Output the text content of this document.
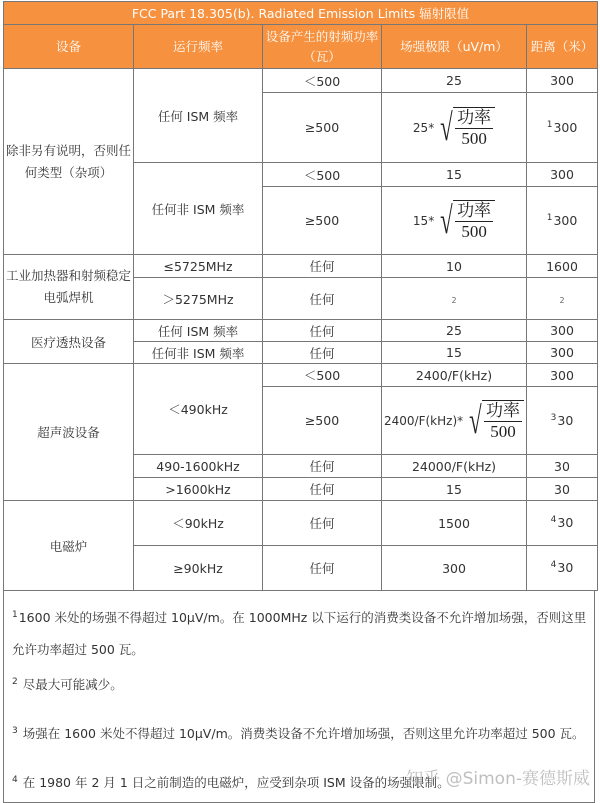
FCC Part 18.305(b). Radiated Emission Limits 辐射限值				
设备	运行频率	设备产生的射频功率（瓦）	场强极限（uV/m）	距离（米）
除非另有说明，否则任何类型（杂项）	任何 ISM 频率	＜500	25	300
		≥500	25* √ $\frac{\text{功率}}{500}$	$^1$300
	任何非 ISM 频率	＜500	15	300
		≥500	15* √ $\frac{\text{功率}}{500}$	$^1$300
工业加热器和射频稳定电弧焊机	≤5725MHz	任何	10	1600
	＞5275MHz	任何	2	2
医疗透热设备	任何 ISM 频率	任何	25	300
	任何非 ISM 频率	任何	15	300
超声波设备	＜490kHz	＜500	2400/F(kHz)	300
		≥500	2400/F(kHz)* √ $\frac{\text{功率}}{500}$	$^3$30
	490-1600kHz	任何	24000/F(kHz)	30
	>1600kHz	任何	15	30
电磁炉	＜90kHz	任何	1500	$^4$30
	≥90kHz	任何	300	$^4$30

$^1$1600 米处的场强不得超过 10μV/m。在 1000MHz 以下运行的消费类设备不允许增加场强，否则这里

允许功率超过 500 瓦。

$^2$ 尽最大可能减少。

$^3$ 场强在 1600 米处不得超过 10μV/m。消费类设备不允许增加场强，否则这里允许功率超过 500 瓦。

$^4$ 在 1980 年 2 月 1 日之前制造的电磁炉，应受到杂项 ISM 设备的场强限制。

知乎 @Simon-赛德斯威
